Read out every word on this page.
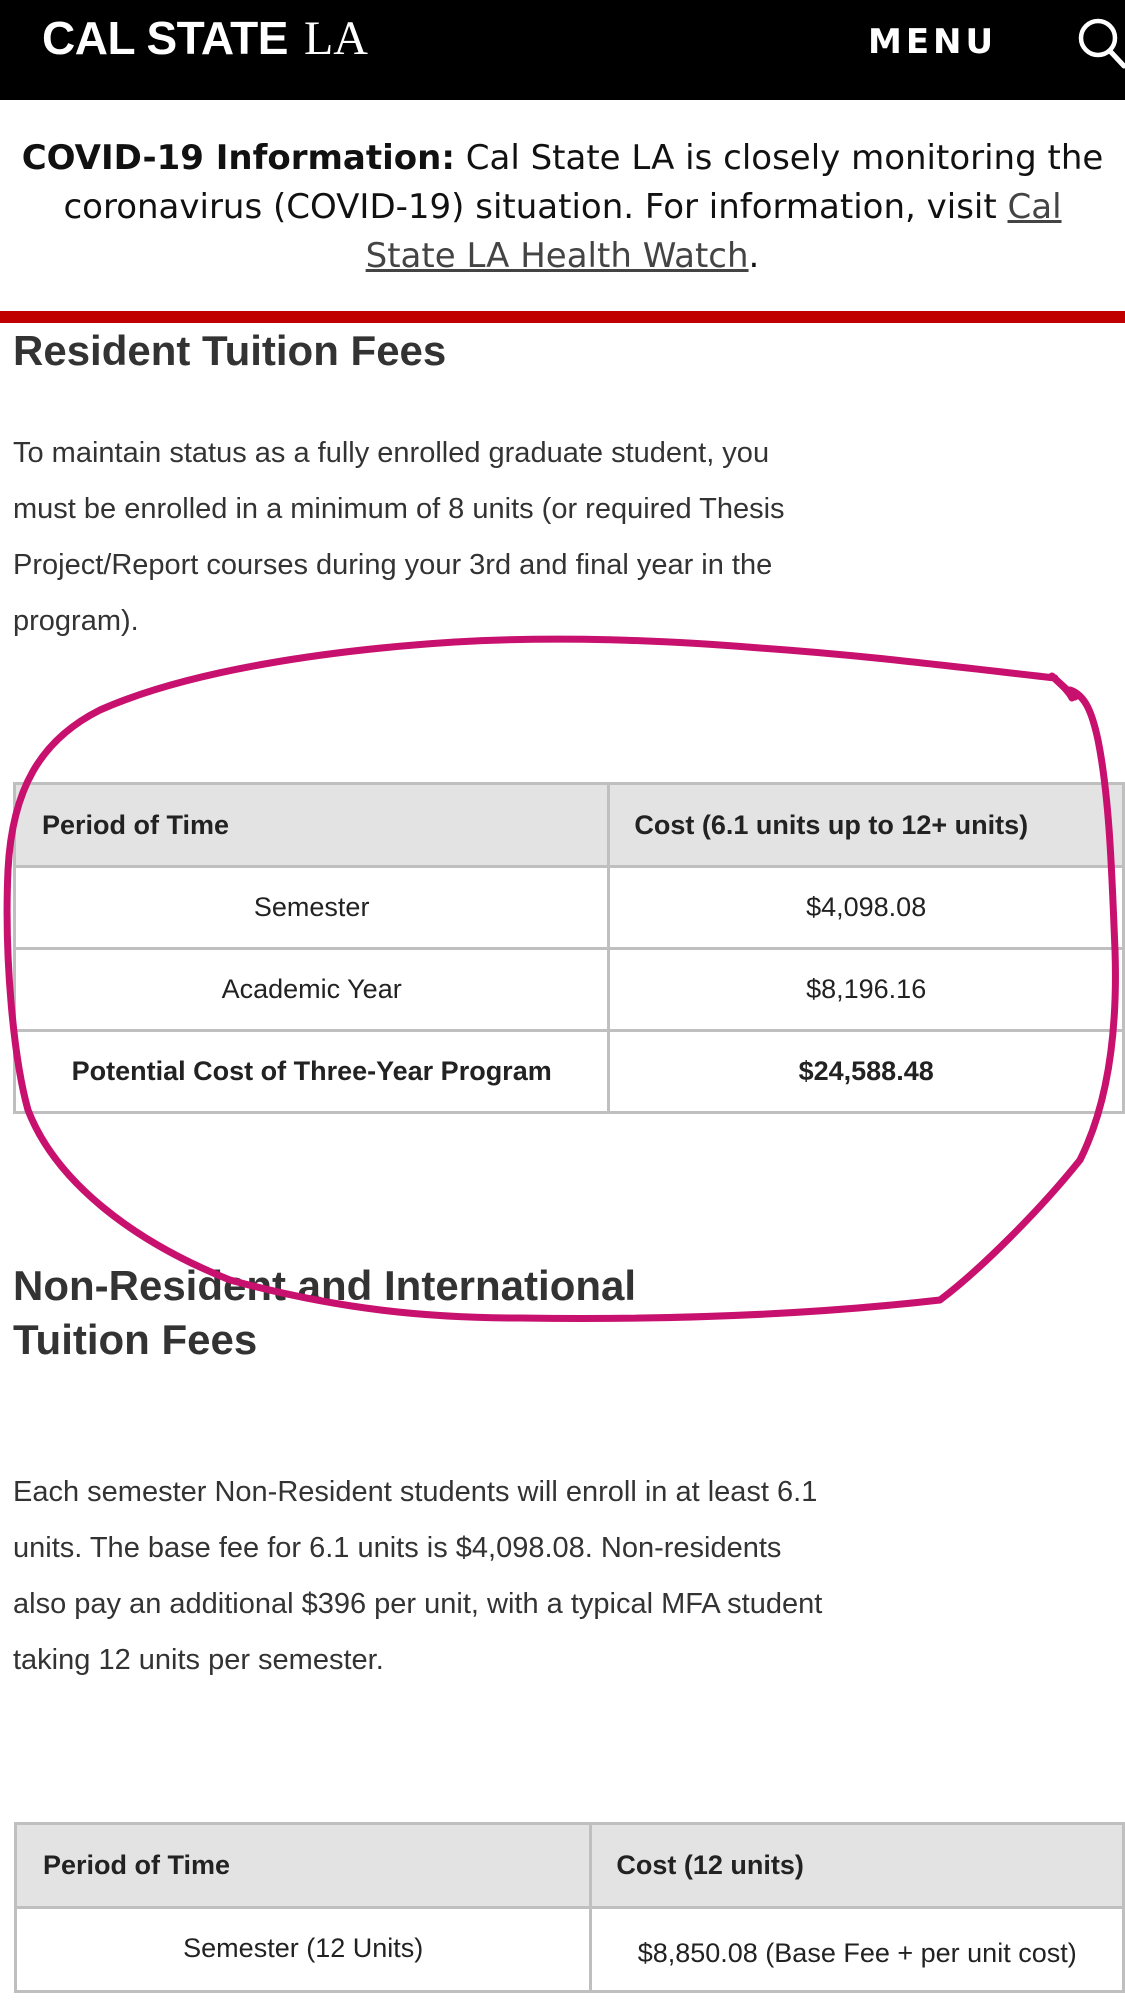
CAL STATE LA	MENU
COVID-19 Information: Cal State LA is closely monitoring the coronavirus (COVID-19) situation. For information, visit Cal State LA Health Watch.
Resident Tuition Fees

To maintain status as a fully enrolled graduate student, you must be enrolled in a minimum of 8 units (or required Thesis Project/Report courses during your 3rd and final year in the program).

Period of Time	Cost (6.1 units up to 12+ units)
Semester	$4,098.08
Academic Year	$8,196.16
Potential Cost of Three-Year Program	$24,588.48
Non-Resident and International Tuition Fees

Each semester Non-Resident students will enroll in at least 6.1 units. The base fee for 6.1 units is $4,098.08. Non-residents also pay an additional $396 per unit, with a typical MFA student taking 12 units per semester.

Period of Time	Cost (12 units)
Semester (12 Units)	$8,850.08 (Base Fee + per unit cost)
